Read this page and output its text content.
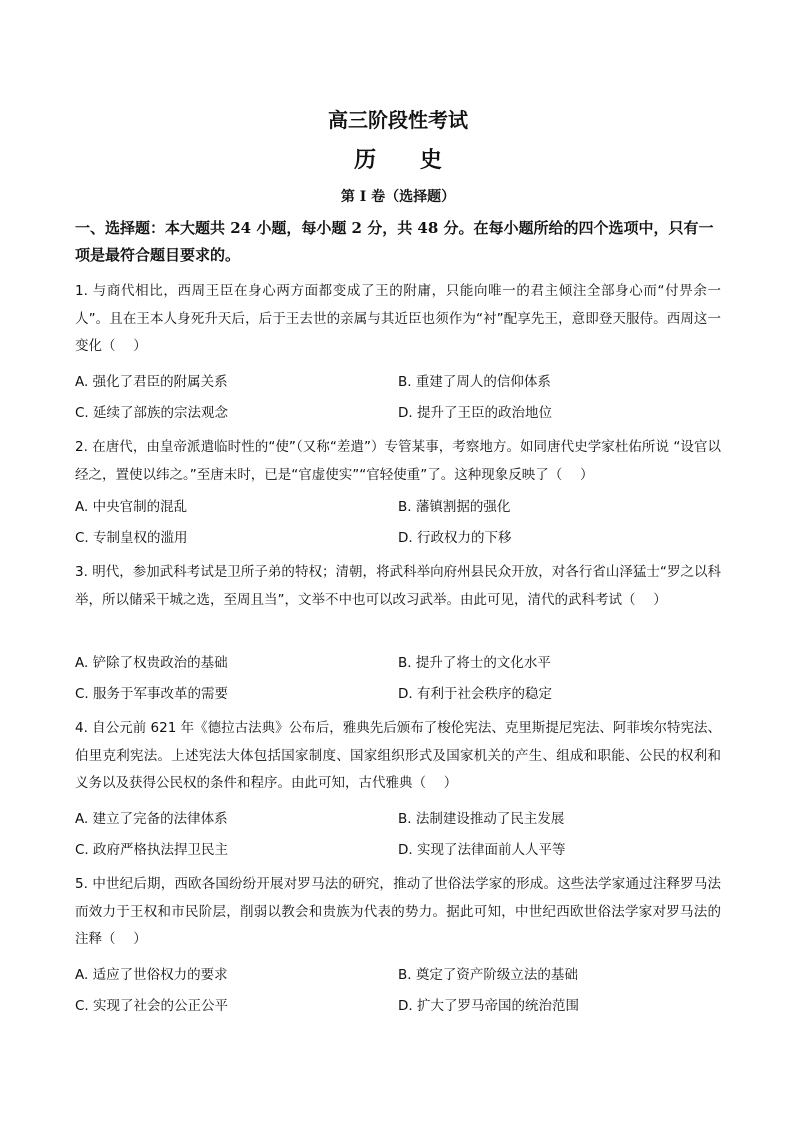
高三阶段性考试
历 史
第 I 卷（选择题）
一、选择题：本大题共 24 小题，每小题 2 分，共 48 分。在每小题所给的四个选项中，只有一项是最符合题目要求的。
1. 与商代相比，西周王臣在身心两方面都变成了王的附庸，只能向唯一的君主倾注全部身心而“付畀余一人”。且在王本人身死升天后，后于王去世的亲属与其近臣也须作为“衬”配享先王，意即登天服侍。西周这一变化（　 ）
A. 强化了君臣的附属关系	B. 重建了周人的信仰体系
C. 延续了部族的宗法观念	D. 提升了王臣的政治地位
2. 在唐代，由皇帝派遣临时性的“使”（又称“差遣”）专管某事，考察地方。如同唐代史学家杜佑所说 “设官以经之，置使以纬之。”至唐末时，已是“官虚使实”“官轻使重”了。这种现象反映了（　 ）
A. 中央官制的混乱	B. 藩镇割据的强化
C. 专制皇权的滥用	D. 行政权力的下移
3. 明代，参加武科考试是卫所子弟的特权；清朝，将武科举向府州县民众开放，对各行省山泽猛士“罗之以科举，所以储采干城之选，至周且当”，文举不中也可以改习武举。由此可见，清代的武科考试（　 ）
A. 铲除了权贵政治的基础	B. 提升了将士的文化水平
C. 服务于军事改革的需要	D. 有利于社会秩序的稳定
4. 自公元前 621 年《德拉古法典》公布后，雅典先后颁布了梭伦宪法、克里斯提尼宪法、阿菲埃尔特宪法、伯里克利宪法。上述宪法大体包括国家制度、国家组织形式及国家机关的产生、组成和职能、公民的权利和义务以及获得公民权的条件和程序。由此可知，古代雅典（　 ）
A. 建立了完备的法律体系	B. 法制建设推动了民主发展
C. 政府严格执法捍卫民主	D. 实现了法律面前人人平等
5. 中世纪后期，西欧各国纷纷开展对罗马法的研究，推动了世俗法学家的形成。这些法学家通过注释罗马法而效力于王权和市民阶层，削弱以教会和贵族为代表的势力。据此可知，中世纪西欧世俗法学家对罗马法的注释（　 ）
A. 适应了世俗权力的要求	B. 奠定了资产阶级立法的基础
C. 实现了社会的公正公平	D. 扩大了罗马帝国的统治范围
